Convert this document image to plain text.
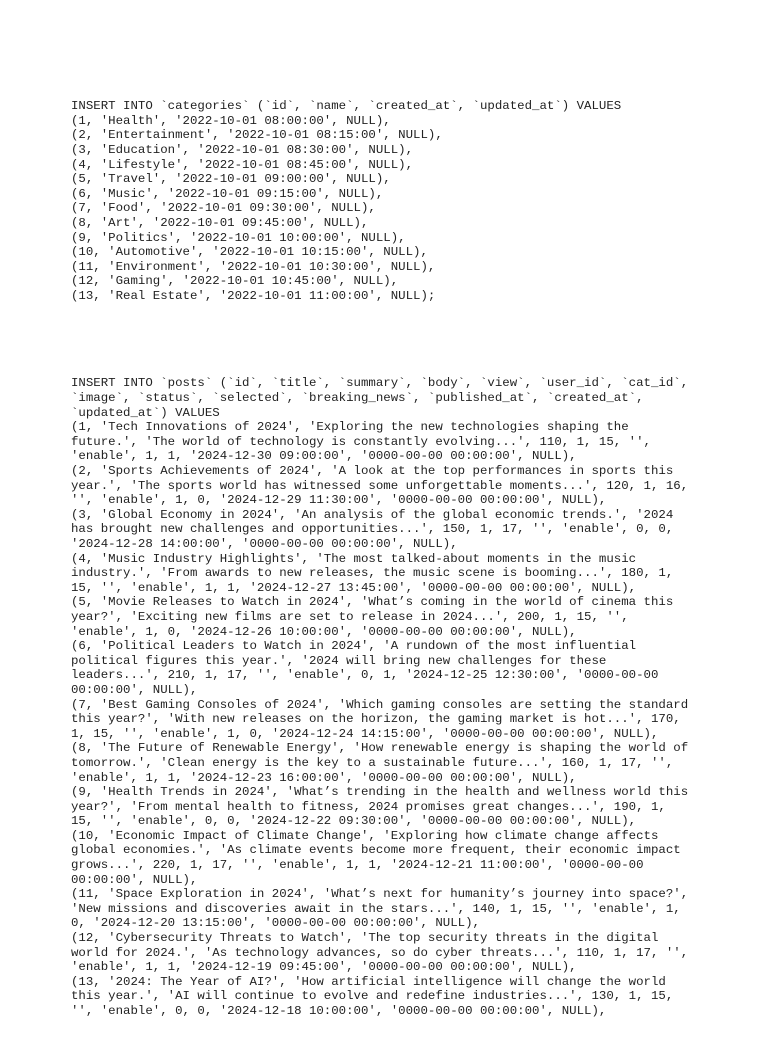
INSERT INTO `categories` (`id`, `name`, `created_at`, `updated_at`) VALUES
(1, 'Health', '2022-10-01 08:00:00', NULL),
(2, 'Entertainment', '2022-10-01 08:15:00', NULL),
(3, 'Education', '2022-10-01 08:30:00', NULL),
(4, 'Lifestyle', '2022-10-01 08:45:00', NULL),
(5, 'Travel', '2022-10-01 09:00:00', NULL),
(6, 'Music', '2022-10-01 09:15:00', NULL),
(7, 'Food', '2022-10-01 09:30:00', NULL),
(8, 'Art', '2022-10-01 09:45:00', NULL),
(9, 'Politics', '2022-10-01 10:00:00', NULL),
(10, 'Automotive', '2022-10-01 10:15:00', NULL),
(11, 'Environment', '2022-10-01 10:30:00', NULL),
(12, 'Gaming', '2022-10-01 10:45:00', NULL),
(13, 'Real Estate', '2022-10-01 11:00:00', NULL);

INSERT INTO `posts` (`id`, `title`, `summary`, `body`, `view`, `user_id`, `cat_id`,
`image`, `status`, `selected`, `breaking_news`, `published_at`, `created_at`,
`updated_at`) VALUES
(1, 'Tech Innovations of 2024', 'Exploring the new technologies shaping the
future.', 'The world of technology is constantly evolving...', 110, 1, 15, '',
'enable', 1, 1, '2024-12-30 09:00:00', '0000-00-00 00:00:00', NULL),
(2, 'Sports Achievements of 2024', 'A look at the top performances in sports this
year.', 'The sports world has witnessed some unforgettable moments...', 120, 1, 16,
'', 'enable', 1, 0, '2024-12-29 11:30:00', '0000-00-00 00:00:00', NULL),
(3, 'Global Economy in 2024', 'An analysis of the global economic trends.', '2024
has brought new challenges and opportunities...', 150, 1, 17, '', 'enable', 0, 0,
'2024-12-28 14:00:00', '0000-00-00 00:00:00', NULL),
(4, 'Music Industry Highlights', 'The most talked-about moments in the music
industry.', 'From awards to new releases, the music scene is booming...', 180, 1,
15, '', 'enable', 1, 1, '2024-12-27 13:45:00', '0000-00-00 00:00:00', NULL),
(5, 'Movie Releases to Watch in 2024', 'What’s coming in the world of cinema this
year?', 'Exciting new films are set to release in 2024...', 200, 1, 15, '',
'enable', 1, 0, '2024-12-26 10:00:00', '0000-00-00 00:00:00', NULL),
(6, 'Political Leaders to Watch in 2024', 'A rundown of the most influential
political figures this year.', '2024 will bring new challenges for these
leaders...', 210, 1, 17, '', 'enable', 0, 1, '2024-12-25 12:30:00', '0000-00-00
00:00:00', NULL),
(7, 'Best Gaming Consoles of 2024', 'Which gaming consoles are setting the standard
this year?', 'With new releases on the horizon, the gaming market is hot...', 170,
1, 15, '', 'enable', 1, 0, '2024-12-24 14:15:00', '0000-00-00 00:00:00', NULL),
(8, 'The Future of Renewable Energy', 'How renewable energy is shaping the world of
tomorrow.', 'Clean energy is the key to a sustainable future...', 160, 1, 17, '',
'enable', 1, 1, '2024-12-23 16:00:00', '0000-00-00 00:00:00', NULL),
(9, 'Health Trends in 2024', 'What’s trending in the health and wellness world this
year?', 'From mental health to fitness, 2024 promises great changes...', 190, 1,
15, '', 'enable', 0, 0, '2024-12-22 09:30:00', '0000-00-00 00:00:00', NULL),
(10, 'Economic Impact of Climate Change', 'Exploring how climate change affects
global economies.', 'As climate events become more frequent, their economic impact
grows...', 220, 1, 17, '', 'enable', 1, 1, '2024-12-21 11:00:00', '0000-00-00
00:00:00', NULL),
(11, 'Space Exploration in 2024', 'What’s next for humanity’s journey into space?',
'New missions and discoveries await in the stars...', 140, 1, 15, '', 'enable', 1,
0, '2024-12-20 13:15:00', '0000-00-00 00:00:00', NULL),
(12, 'Cybersecurity Threats to Watch', 'The top security threats in the digital
world for 2024.', 'As technology advances, so do cyber threats...', 110, 1, 17, '',
'enable', 1, 1, '2024-12-19 09:45:00', '0000-00-00 00:00:00', NULL),
(13, '2024: The Year of AI?', 'How artificial intelligence will change the world
this year.', 'AI will continue to evolve and redefine industries...', 130, 1, 15,
'', 'enable', 0, 0, '2024-12-18 10:00:00', '0000-00-00 00:00:00', NULL),
